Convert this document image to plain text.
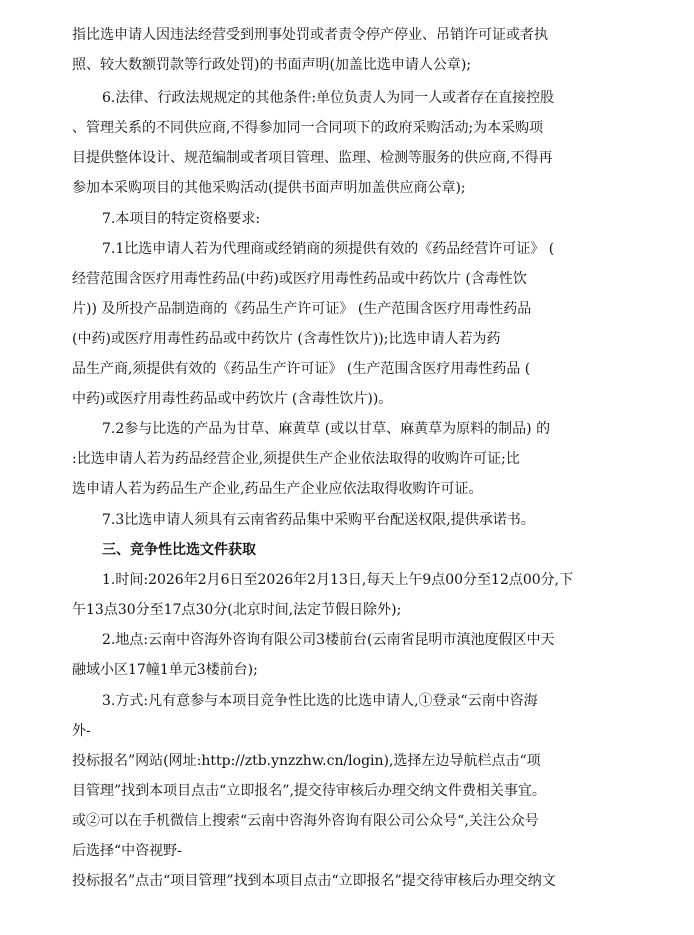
指比选申请人因违法经营受到刑事处罚或者责令停产停业、吊销许可证或者执
照、较大数额罚款等行政处罚)的书面声明(加盖比选申请人公章);
6.法律、行政法规规定的其他条件:单位负责人为同一人或者存在直接控股
、管理关系的不同供应商,不得参加同一合同项下的政府采购活动;为本采购项
目提供整体设计、规范编制或者项目管理、监理、检测等服务的供应商,不得再
参加本采购项目的其他采购活动(提供书面声明加盖供应商公章);
7.本项目的特定资格要求:
7.1比选申请人若为代理商或经销商的须提供有效的《药品经营许可证》 (
经营范围含医疗用毒性药品(中药)或医疗用毒性药品或中药饮片 (含毒性饮
片)) 及所投产品制造商的《药品生产许可证》 (生产范围含医疗用毒性药品
(中药)或医疗用毒性药品或中药饮片 (含毒性饮片));比选申请人若为药
品生产商,须提供有效的《药品生产许可证》 (生产范围含医疗用毒性药品 (
中药)或医疗用毒性药品或中药饮片 (含毒性饮片))。
7.2参与比选的产品为甘草、麻黄草 (或以甘草、麻黄草为原料的制品) 的
:比选申请人若为药品经营企业,须提供生产企业依法取得的收购许可证;比
选申请人若为药品生产企业,药品生产企业应依法取得收购许可证。
7.3比选申请人须具有云南省药品集中采购平台配送权限,提供承诺书。
三、竞争性比选文件获取
1.时间:2026年2月6日至2026年2月13日,每天上午9点00分至12点00分,下
午13点30分至17点30分(北京时间,法定节假日除外);
2.地点:云南中咨海外咨询有限公司3楼前台(云南省昆明市滇池度假区中天
融域小区17幢1单元3楼前台);
3.方式:凡有意参与本项目竞争性比选的比选申请人,①登录“云南中咨海
外-
投标报名”网站(网址:http://ztb.ynzzhw.cn/login),选择左边导航栏点击“项
目管理”找到本项目点击“立即报名”,提交待审核后办理交纳文件费相关事宜。
或②可以在手机微信上搜索“云南中咨海外咨询有限公司公众号“,关注公众号
后选择“中咨视野-
投标报名”点击“项目管理”找到本项目点击“立即报名”提交待审核后办理交纳文
